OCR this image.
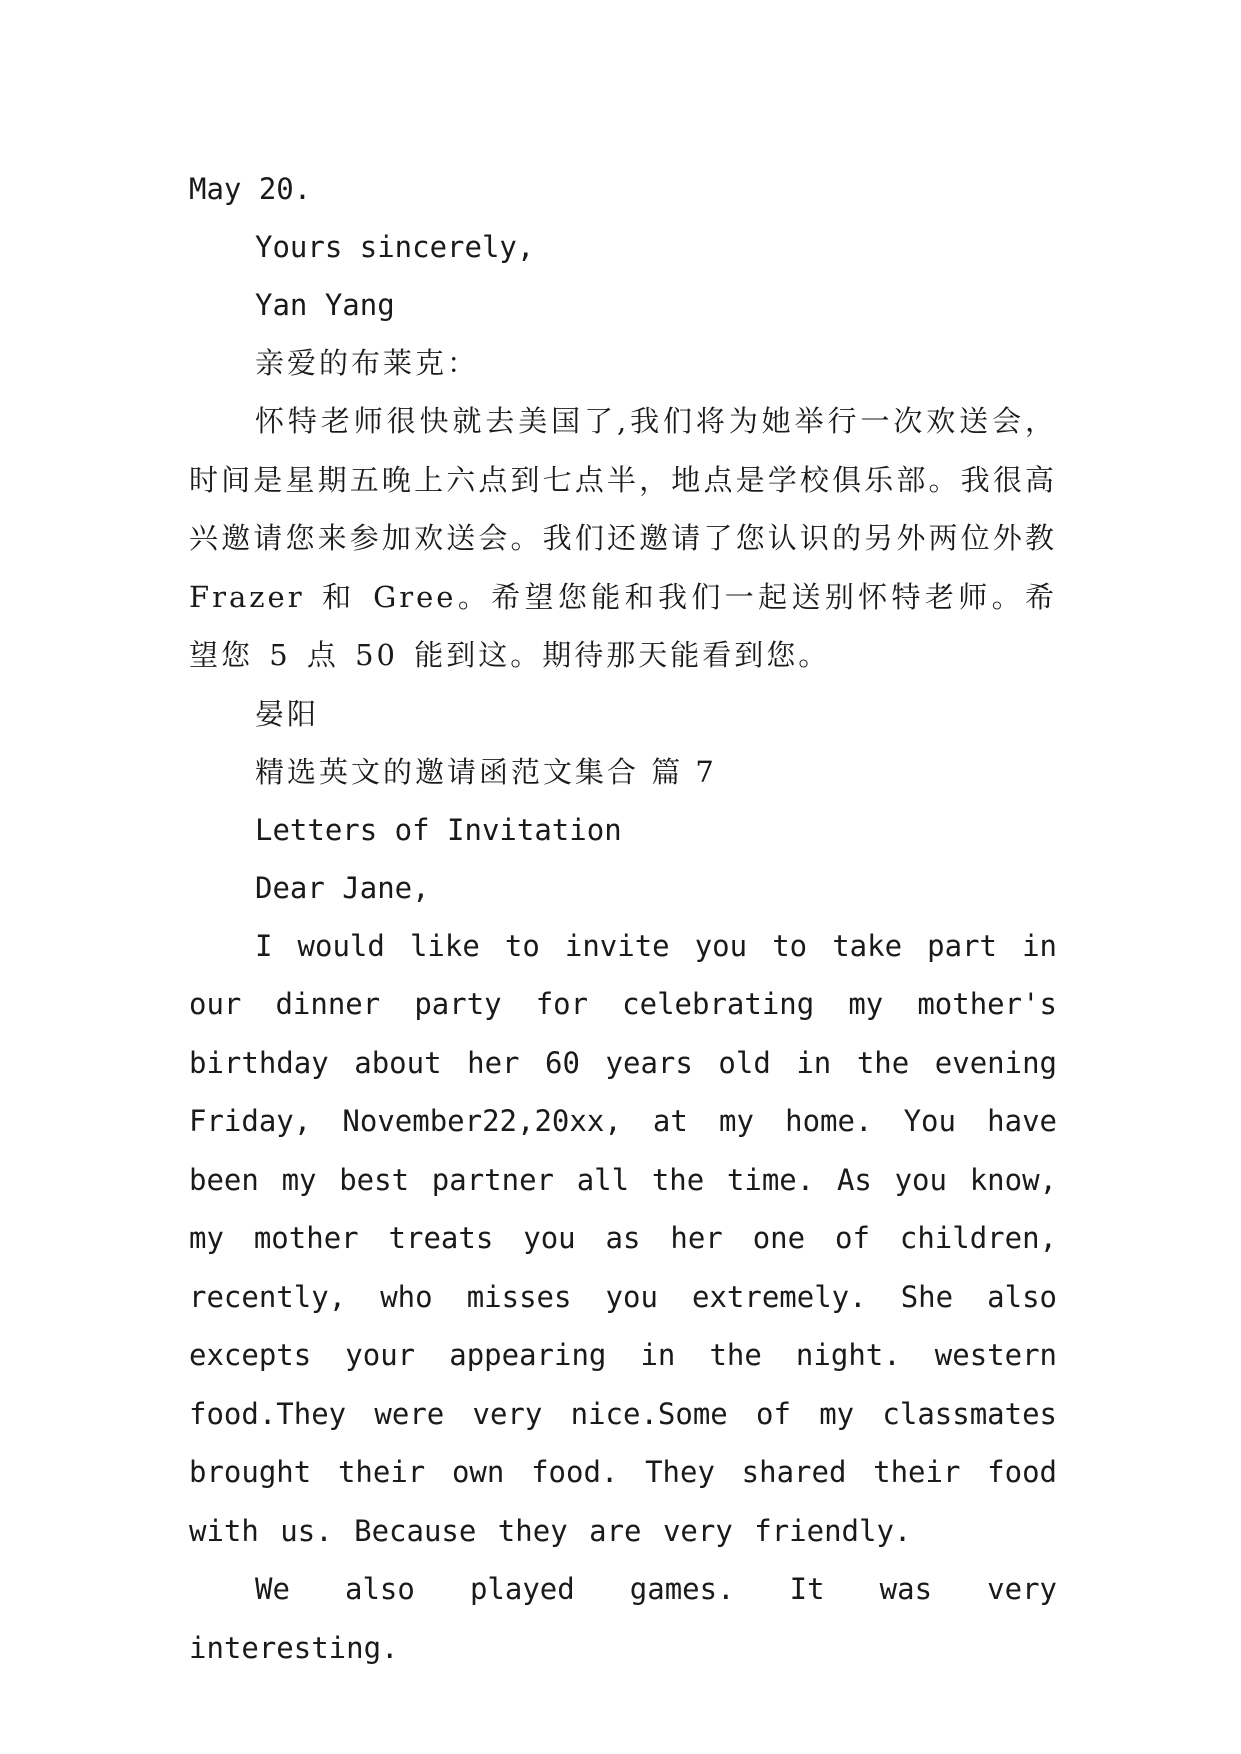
May 20.

Yours sincerely,

Yan Yang

亲爱的布莱克：

怀特老师很快就去美国了,我们将为她举行一次欢送会，时间是星期五晚上六点到七点半，地点是学校俱乐部。我很高兴邀请您来参加欢送会。我们还邀请了您认识的另外两位外教 Frazer 和 Gree。希望您能和我们一起送别怀特老师。希望您 5 点 50 能到这。期待那天能看到您。

晏阳

精选英文的邀请函范文集合 篇 7

Letters of Invitation

Dear Jane,

I would like to invite you to take part in our dinner party for celebrating my mother's birthday about her 60 years old in the evening Friday, November22,20xx, at my home. You have been my best partner all the time. As you know, my mother treats you as her one of children, recently, who misses you extremely. She also excepts your appearing in the night. western food.They were very nice.Some of my classmates brought their own food. They shared their food with us. Because they are very friendly.

We also played games. It was very interesting.
